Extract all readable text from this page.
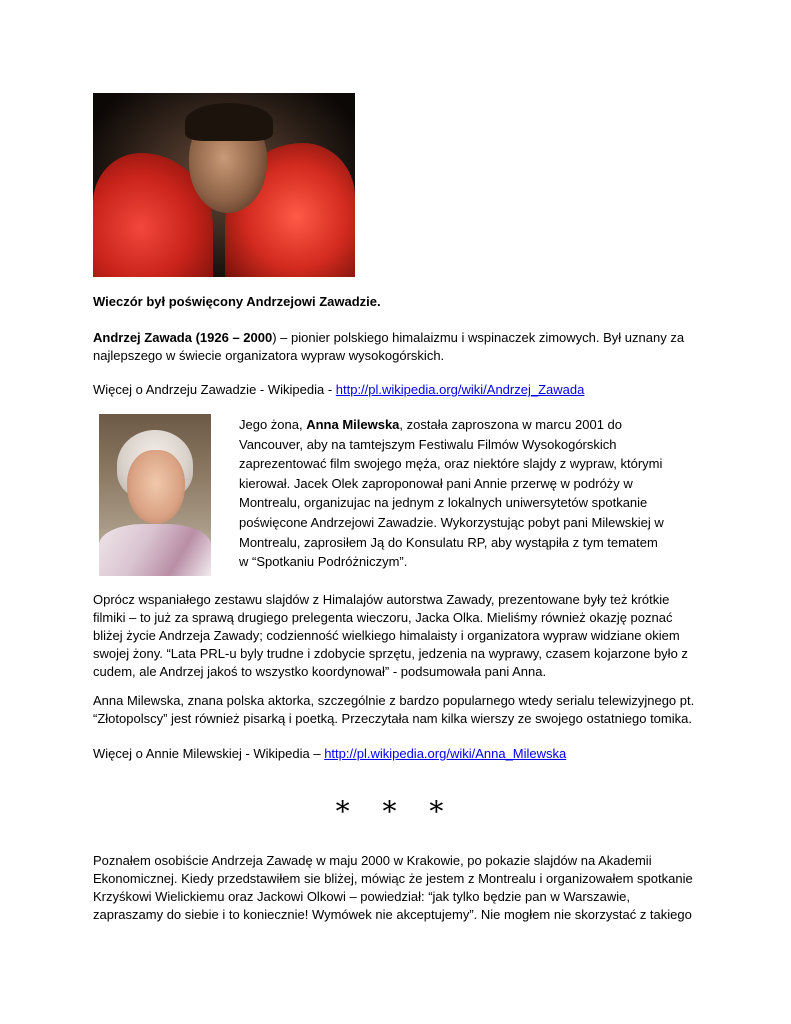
Wieczór był poświęcony Andrzejowi Zawadzie.

Andrzej Zawada (1926 – 2000) – pionier polskiego himalaizmu i wspinaczek zimowych. Był uznany za
najlepszego w świecie organizatora wypraw wysokogórskich.

Więcej o Andrzeju Zawadzie - Wikipedia - http://pl.wikipedia.org/wiki/Andrzej_Zawada

Jego żona, Anna Milewska, została zaproszona w marcu 2001 do
Vancouver, aby na tamtejszym Festiwalu Filmów Wysokogórskich
zaprezentować film swojego męża, oraz niektóre slajdy z wypraw, którymi
kierował. Jacek Olek zaproponował pani Annie przerwę w podróży w
Montrealu, organizujac na jednym z lokalnych uniwersytetów spotkanie
poświęcone Andrzejowi Zawadzie. Wykorzystując pobyt pani Milewskiej w
Montrealu, zaprosiłem Ją do Konsulatu RP, aby wystąpiła z tym tematem
w “Spotkaniu Podróżniczym”.

Oprócz wspaniałego zestawu slajdów z Himalajów autorstwa Zawady, prezentowane były też krótkie
filmiki – to już za sprawą drugiego prelegenta wieczoru, Jacka Olka. Mieliśmy również okazję poznać
bliżej życie Andrzeja Zawady; codzienność wielkiego himalaisty i organizatora wypraw widziane okiem
swojej żony. “Lata PRL-u byly trudne i zdobycie sprzętu, jedzenia na wyprawy, czasem kojarzone było z
cudem, ale Andrzej jakoś to wszystko koordynował” - podsumowała pani Anna.

Anna Milewska, znana polska aktorka, szczególnie z bardzo popularnego wtedy serialu telewizyjnego pt.
“Złotopolscy” jest również pisarką i poetką. Przeczytała nam kilka wierszy ze swojego ostatniego tomika.

Więcej o Annie Milewskiej - Wikipedia – http://pl.wikipedia.org/wiki/Anna_Milewska

* * *

Poznałem osobiście Andrzeja Zawadę w maju 2000 w Krakowie, po pokazie slajdów na Akademii
Ekonomicznej. Kiedy przedstawiłem sie bliżej, mówiąc że jestem z Montrealu i organizowałem spotkanie
Krzyśkowi Wielickiemu oraz Jackowi Olkowi – powiedział: “jak tylko będzie pan w Warszawie,
zapraszamy do siebie i to koniecznie! Wymówek nie akceptujemy”. Nie mogłem nie skorzystać z takiego
